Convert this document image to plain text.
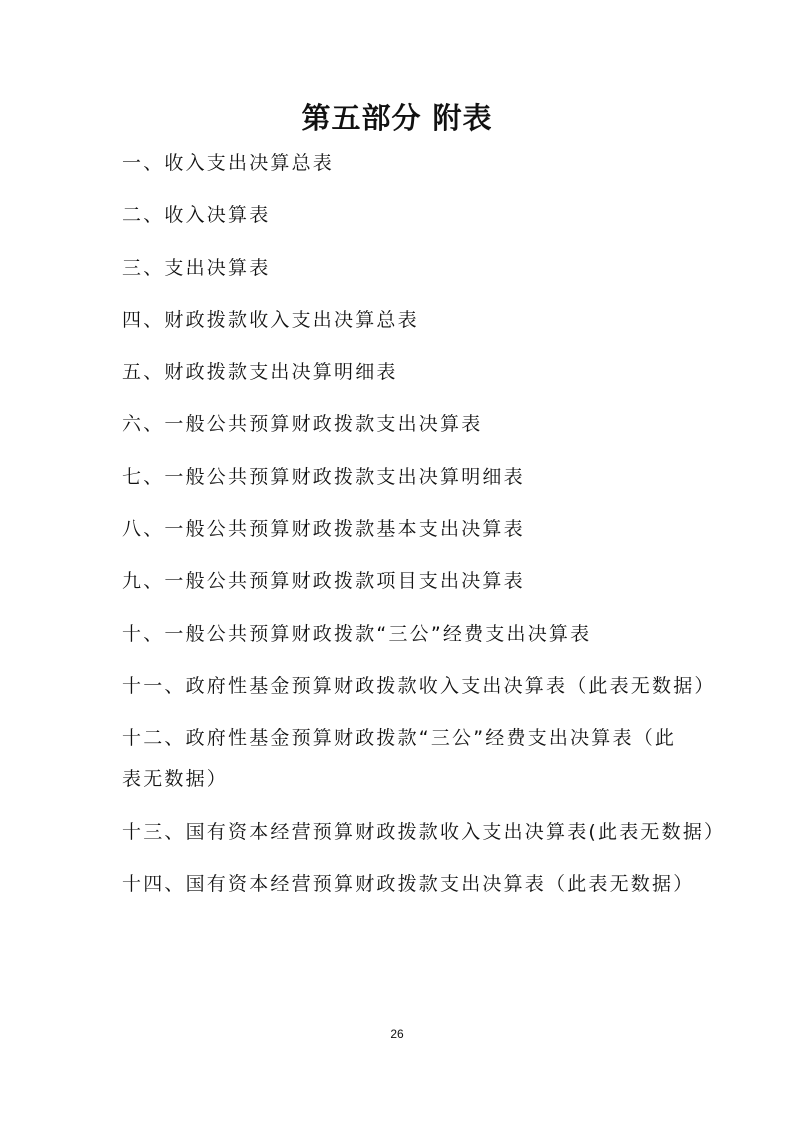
第五部分 附表
一、收入支出决算总表
二、收入决算表
三、支出决算表
四、财政拨款收入支出决算总表
五、财政拨款支出决算明细表
六、一般公共预算财政拨款支出决算表
七、一般公共预算财政拨款支出决算明细表
八、一般公共预算财政拨款基本支出决算表
九、一般公共预算财政拨款项目支出决算表
十、一般公共预算财政拨款“三公”经费支出决算表
十一、政府性基金预算财政拨款收入支出决算表（此表无数据）
十二、政府性基金预算财政拨款“三公”经费支出决算表（此表无数据）
十三、国有资本经营预算财政拨款收入支出决算表(此表无数据）
十四、国有资本经营预算财政拨款支出决算表（此表无数据）
26
